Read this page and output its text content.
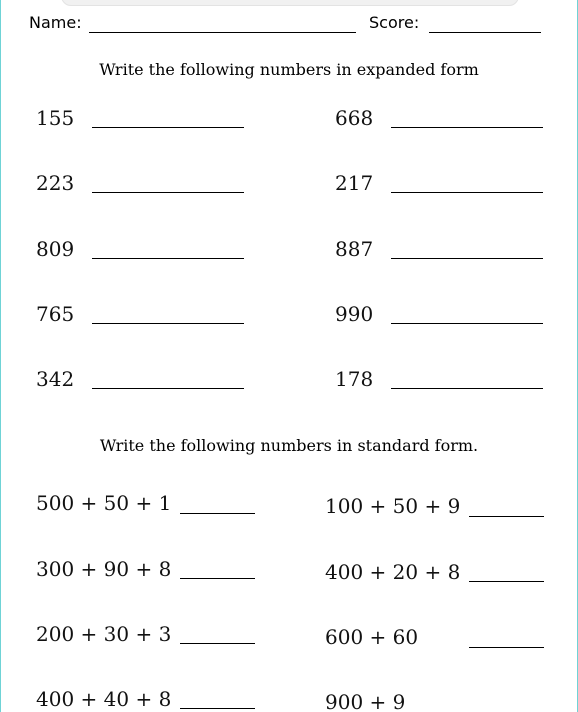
Name:	Score:
Write the following numbers in expanded form
155
223
809
765
342
668
217
887
990
178
Write the following numbers in standard form.
500 + 50 + 1
300 + 90 + 8
200 + 30 + 3
400 + 40 + 8
100 + 50 + 9
400 + 20 + 8
600 + 60
900 + 9
